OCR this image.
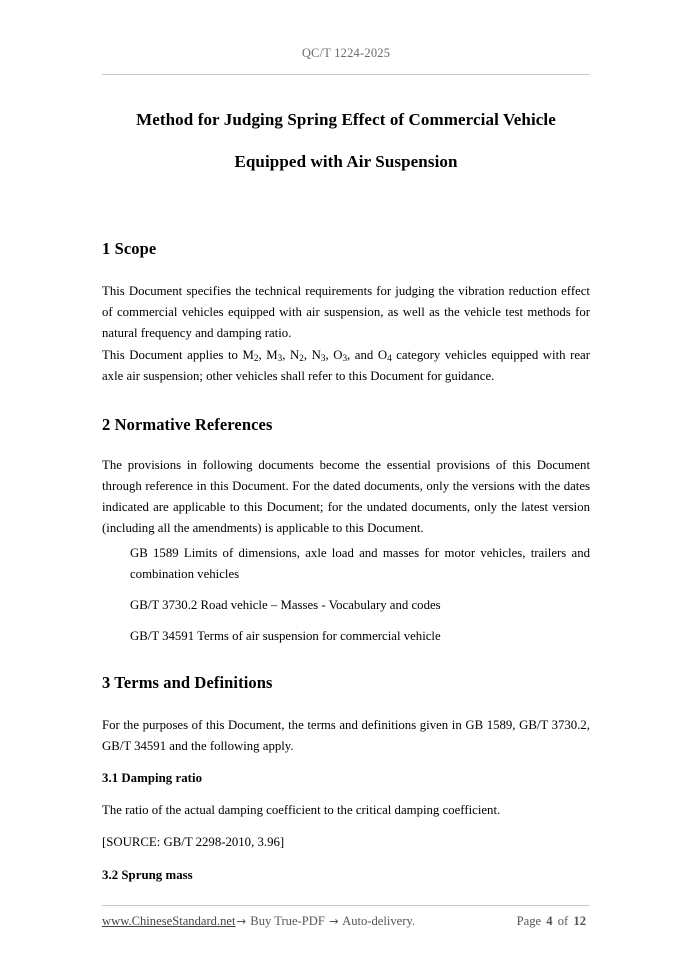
QC/T 1224-2025
Method for Judging Spring Effect of Commercial Vehicle
Equipped with Air Suspension
1 Scope

This Document specifies the technical requirements for judging the vibration reduction effect of commercial vehicles equipped with air suspension, as well as the vehicle test methods for natural frequency and damping ratio.

This Document applies to $M_2$, $M_3$, $N_2$, $N_3$, $O_3$, and $O_4$ category vehicles equipped with rear axle air suspension; other vehicles shall refer to this Document for guidance.

2 Normative References

The provisions in following documents become the essential provisions of this Document through reference in this Document. For the dated documents, only the versions with the dates indicated are applicable to this Document; for the undated documents, only the latest version (including all the amendments) is applicable to this Document.

GB 1589 Limits of dimensions, axle load and masses for motor vehicles, trailers and combination vehicles

GB/T 3730.2 Road vehicle – Masses - Vocabulary and codes

GB/T 34591 Terms of air suspension for commercial vehicle

3 Terms and Definitions

For the purposes of this Document, the terms and definitions given in GB 1589, GB/T 3730.2, GB/T 34591 and the following apply.

3.1 Damping ratio

The ratio of the actual damping coefficient to the critical damping coefficient.

[SOURCE: GB/T 2298-2010, 3.96]

3.2 Sprung mass
www.ChineseStandard.net→ Buy True-PDF → Auto-delivery.	Page 4 of 12
